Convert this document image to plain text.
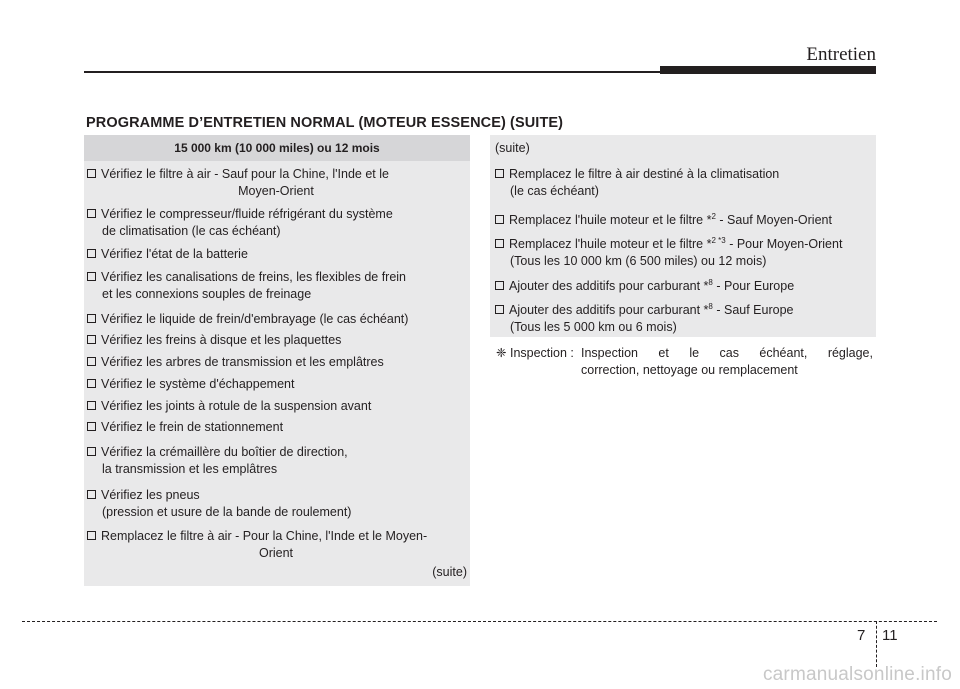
Entretien
PROGRAMME D’ENTRETIEN NORMAL (MOTEUR ESSENCE) (SUITE)
15 000 km (10 000 miles) ou 12 mois
Vérifiez le filtre à air - Sauf pour la Chine, l'Inde et le
Moyen-Orient
Vérifiez le compresseur/fluide réfrigérant du système
de climatisation (le cas échéant)
Vérifiez l'état de la batterie
Vérifiez les canalisations de freins, les flexibles de frein
et les connexions souples de freinage
Vérifiez le liquide de frein/d'embrayage (le cas échéant)
Vérifiez les freins à disque et les plaquettes
Vérifiez les arbres de transmission et les emplâtres
Vérifiez le système d'échappement
Vérifiez les joints à rotule de la suspension avant
Vérifiez le frein de stationnement
Vérifiez la crémaillère du boîtier de direction,
la transmission et les emplâtres
Vérifiez les pneus
(pression et usure de la bande de roulement)
Remplacez le filtre à air - Pour la Chine, l'Inde et le Moyen-
Orient
(suite)
(suite)
Remplacez le filtre à air destiné à la climatisation
(le cas échéant)
Remplacez l'huile moteur et le filtre *$^2$ - Sauf Moyen-Orient
Remplacez l'huile moteur et le filtre *$^{2 *3}$ - Pour Moyen-Orient
(Tous les 10 000 km (6 500 miles) ou 12 mois)
Ajouter des additifs pour carburant *$^8$ - Pour Europe
Ajouter des additifs pour carburant *$^8$ - Sauf Europe
(Tous les 5 000 km ou 6 mois)
❈ Inspection : Inspection et le cas échéant, réglage,
correction, nettoyage ou remplacement
7 11
carmanualsonline.info
